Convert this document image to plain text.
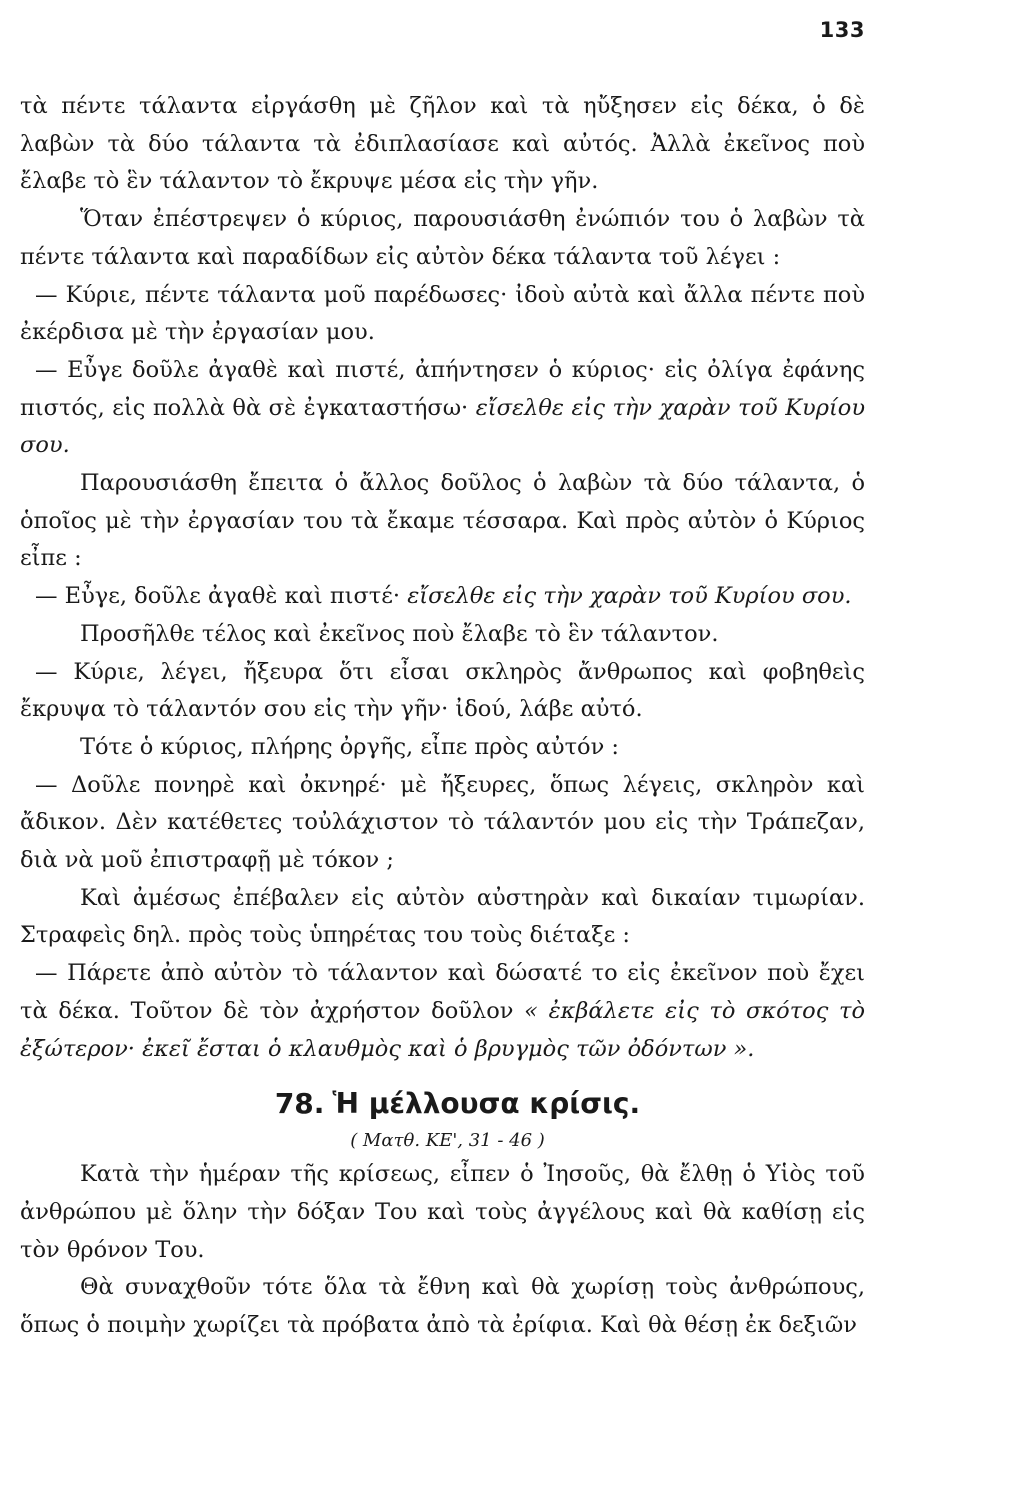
133

τὰ πέντε τάλαντα εἰργάσθη μὲ ζῆλον καὶ τὰ ηὔξησεν εἰς δέκα, ὁ δὲ λαβὼν τὰ δύο τάλαντα τὰ ἐδιπλασίασε καὶ αὐτός. Ἀλλὰ ἐκεῖνος ποὺ ἔλαβε τὸ ἓν τάλαντον τὸ ἔκρυψε μέσα εἰς τὴν γῆν.

Ὅταν ἐπέστρεψεν ὁ κύριος, παρουσιάσθη ἐνώπιόν του ὁ λαβὼν τὰ πέντε τάλαντα καὶ παραδίδων εἰς αὐτὸν δέκα τάλαντα τοῦ λέγει :

— Κύριε, πέντε τάλαντα μοῦ παρέδωσες· ἰδοὺ αὐτὰ καὶ ἄλλα πέντε ποὺ ἐκέρδισα μὲ τὴν ἐργασίαν μου.

— Εὖγε δοῦλε ἀγαθὲ καὶ πιστέ, ἀπήντησεν ὁ κύριος· εἰς ὀλίγα ἐφάνης πιστός, εἰς πολλὰ θὰ σὲ ἐγκαταστήσω· εἴσελθε εἰς τὴν χαρὰν τοῦ Κυρίου σου.

Παρουσιάσθη ἔπειτα ὁ ἄλλος δοῦλος ὁ λαβὼν τὰ δύο τάλαντα, ὁ ὁποῖος μὲ τὴν ἐργασίαν του τὰ ἔκαμε τέσσαρα. Καὶ πρὸς αὐτὸν ὁ Κύριος εἶπε :

— Εὖγε, δοῦλε ἀγαθὲ καὶ πιστέ· εἴσελθε εἰς τὴν χαρὰν τοῦ Κυρίου σου.

Προσῆλθε τέλος καὶ ἐκεῖνος ποὺ ἔλαβε τὸ ἓν τάλαντον.

— Κύριε, λέγει, ἤξευρα ὅτι εἶσαι σκληρὸς ἄνθρωπος καὶ φοβηθεὶς ἔκρυψα τὸ τάλαντόν σου εἰς τὴν γῆν· ἰδού, λάβε αὐτό.

Τότε ὁ κύριος, πλήρης ὀργῆς, εἶπε πρὸς αὐτόν :

— Δοῦλε πονηρὲ καὶ ὀκνηρέ· μὲ ἤξευρες, ὅπως λέγεις, σκληρὸν καὶ ἄδικον. Δὲν κατέθετες τοὐλάχιστον τὸ τάλαντόν μου εἰς τὴν Τράπεζαν, διὰ νὰ μοῦ ἐπιστραφῇ μὲ τόκον ;

Καὶ ἀμέσως ἐπέβαλεν εἰς αὐτὸν αὐστηρὰν καὶ δικαίαν τιμωρίαν. Στραφεὶς δηλ. πρὸς τοὺς ὑπηρέτας του τοὺς διέταξε :

— Πάρετε ἀπὸ αὐτὸν τὸ τάλαντον καὶ δώσατέ το εἰς ἐκεῖνον ποὺ ἔχει τὰ δέκα. Τοῦτον δὲ τὸν ἀχρήστον δοῦλον « ἐκβάλετε εἰς τὸ σκότος τὸ ἐξώτερον· ἐκεῖ ἔσται ὁ κλαυθμὸς καὶ ὁ βρυγμὸς τῶν ὀδόντων ».

78. Ἡ μέλλουσα κρίσις.

( Ματθ. ΚΕ', 31 - 46 )

Κατὰ τὴν ἡμέραν τῆς κρίσεως, εἶπεν ὁ Ἰησοῦς, θὰ ἔλθῃ ὁ Υἱὸς τοῦ ἀνθρώπου μὲ ὅλην τὴν δόξαν Του καὶ τοὺς ἀγγέλους καὶ θὰ καθίσῃ εἰς τὸν θρόνον Του.

Θὰ συναχθοῦν τότε ὅλα τὰ ἔθνη καὶ θὰ χωρίσῃ τοὺς ἀνθρώπους, ὅπως ὁ ποιμὴν χωρίζει τὰ πρόβατα ἀπὸ τὰ ἐρίφια. Καὶ θὰ θέσῃ ἐκ δεξιῶν
